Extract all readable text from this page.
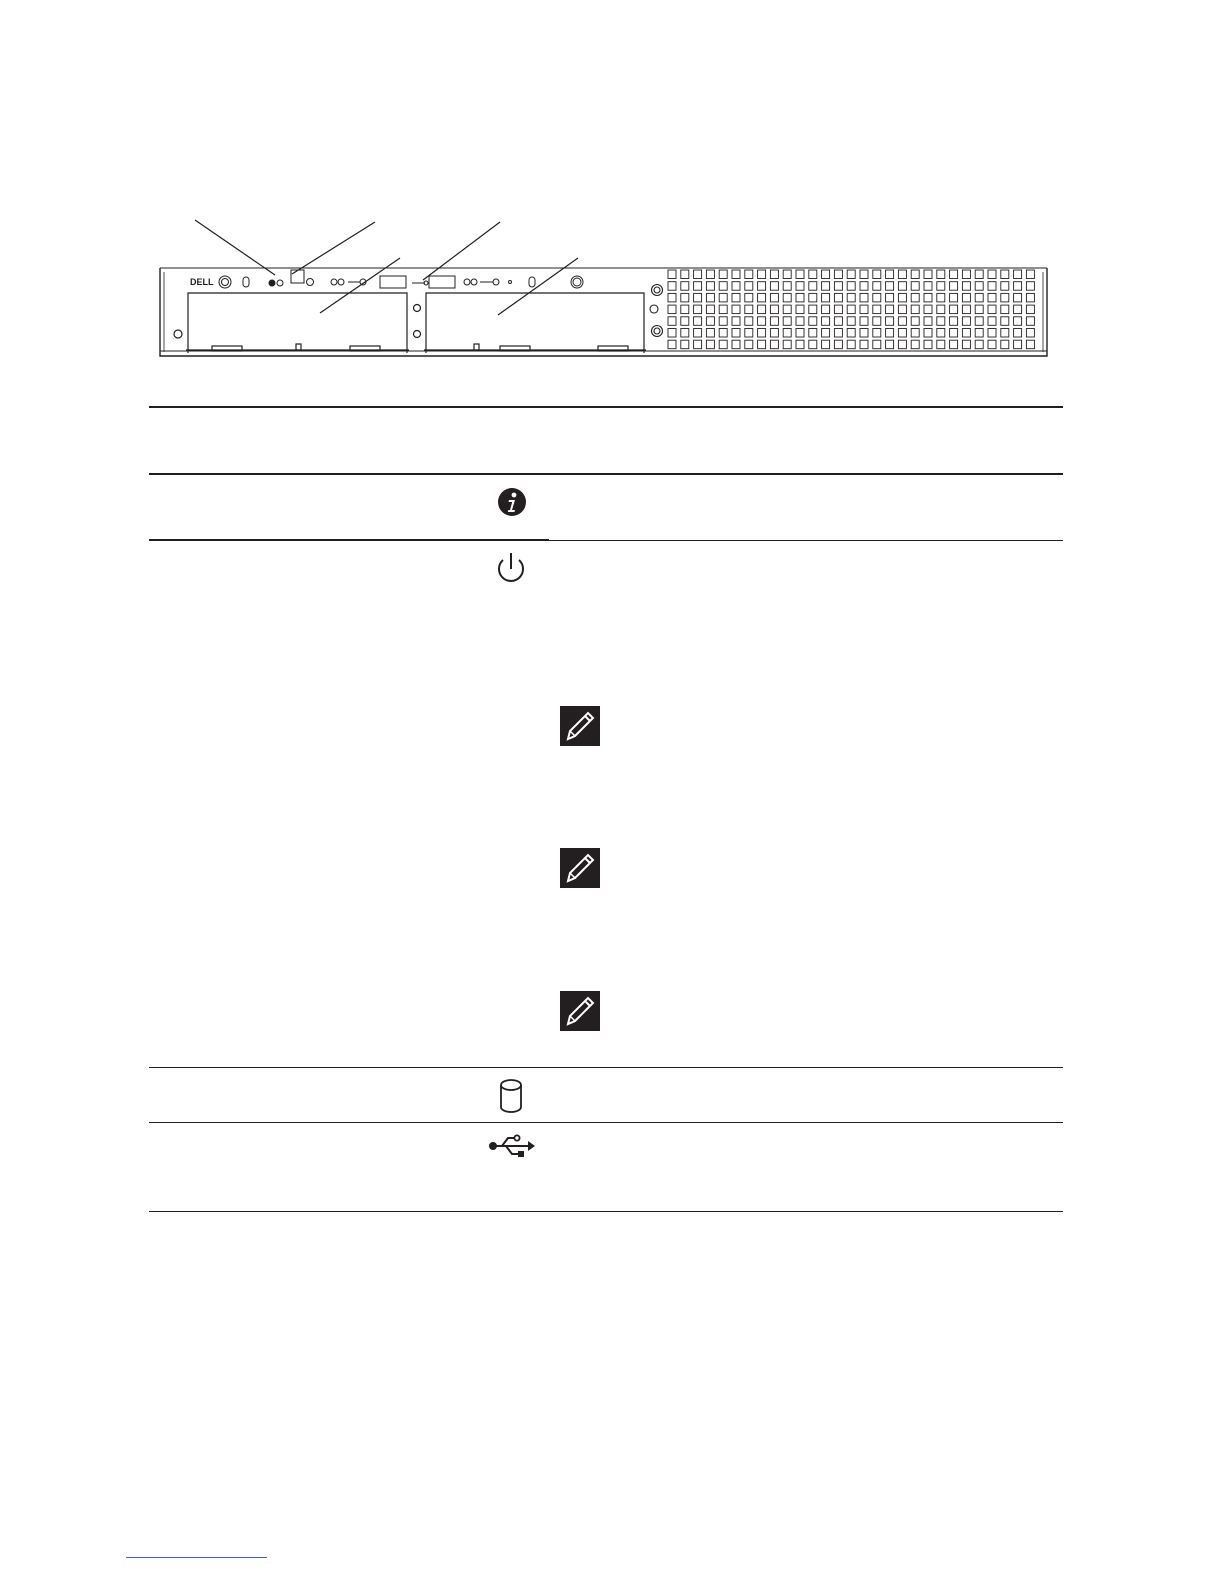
DELL
